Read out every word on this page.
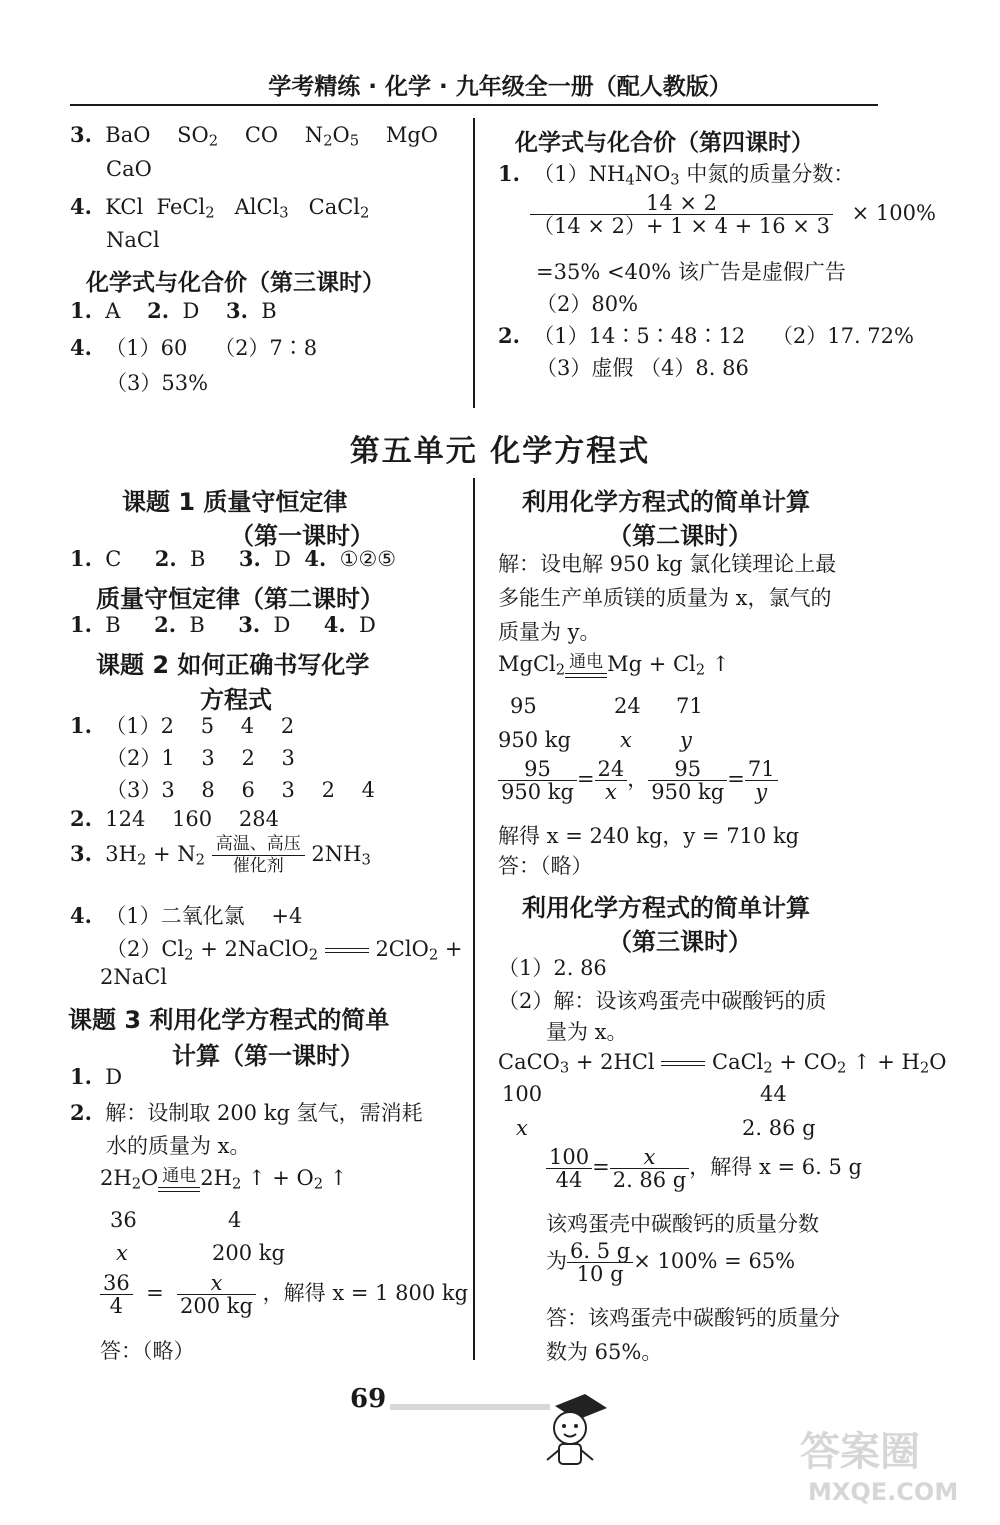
学考精练 · 化学 · 九年级全一册（配人教版）
3.  BaO    $SO_2$    CO    $N_2O_5$    MgO
CaO
4.  KCl  FeCl$_2$   AlCl$_3$   CaCl$_2$
NaCl
化学式与化合价（第三课时）
1.  A    2.  D    3.  B
4.  （1）60    （2）7∶8
（3）53%
化学式与化合价（第四课时）
1.  $(1)NH_4NO_3$ 中氮的质量分数：
$\frac{14 \times 2}{(14 \times 2)+ 1 \times 4 + 16 \times 3} \times 100\%$
=35% <40% 该广告是虚假广告
（2）80%
2.  （1）14∶5∶48∶12    （2）17. 72%
（3）虚假 （4）8. 86
第五单元 化学方程式
课题 1 质量守恒定律
（第一课时）
1.  C     2.  B     3.  D  4.  ①②⑤
质量守恒定律（第二课时）
1.  B     2.  B     3.  D     4.  D
课题 2 如何正确书写化学
方程式
1.  （1）2    5    4    2
（2）1    3    2    3
（3）3    8    6    3    2    4
2.  124    160    284
3.  $3H_2 + N_2$
高温、高压
催化剂	$2NH_3$
4.  （1）二氧化氯    +4
$(2)Cl_2$ + 2NaClO$_2$
2ClO$_2$ +
2NaCl
课题 3 利用化学方程式的简单
计算（第一课时）
1.  D
2.  解：设制取 200 kg 氢气，需消耗
水的质量为 x。
$2H_2O$ 通电 $2H_2$ ↑ + $O_2$ ↑
36	4
x	200 kg
$\frac{36}{4} = \frac{x}{200 kg}$ ，解得 x = 1 800 kg
答：（略）
利用化学方程式的简单计算
（第二课时）
解：设电解 950 kg 氯化镁理论上最
多能生产单质镁的质量为 x，氯气的
质量为 y。
MgCl$_2$ 通电 $Mg + Cl_2$ ↑
95	24 71
950 kg x y
$\frac{95}{950 kg} = \frac{24}{x}$ ， $\frac{95}{950 kg} = \frac{71}{y}$
解得 x = 240 kg，y = 710 kg
答：（略）
利用化学方程式的简单计算
（第三课时）
（1）2. 86
（2）解：设该鸡蛋壳中碳酸钙的质
量为 x。
CaCO$_3$ + 2HCl
CaCl$_2$ + $CO_2$ ↑ + $H_2O$
100	44
x	2. 86 g
$\frac{100}{44} = \frac{x}{2. 86 g}$ ，解得 x = 6. 5 g
该鸡蛋壳中碳酸钙的质量分数
为 $\frac{6. 5 g}{10 g} \times 100\% = 65\%$
答：该鸡蛋壳中碳酸钙的质量分
数为 65%。
69
答案圈
MXQE.COM
